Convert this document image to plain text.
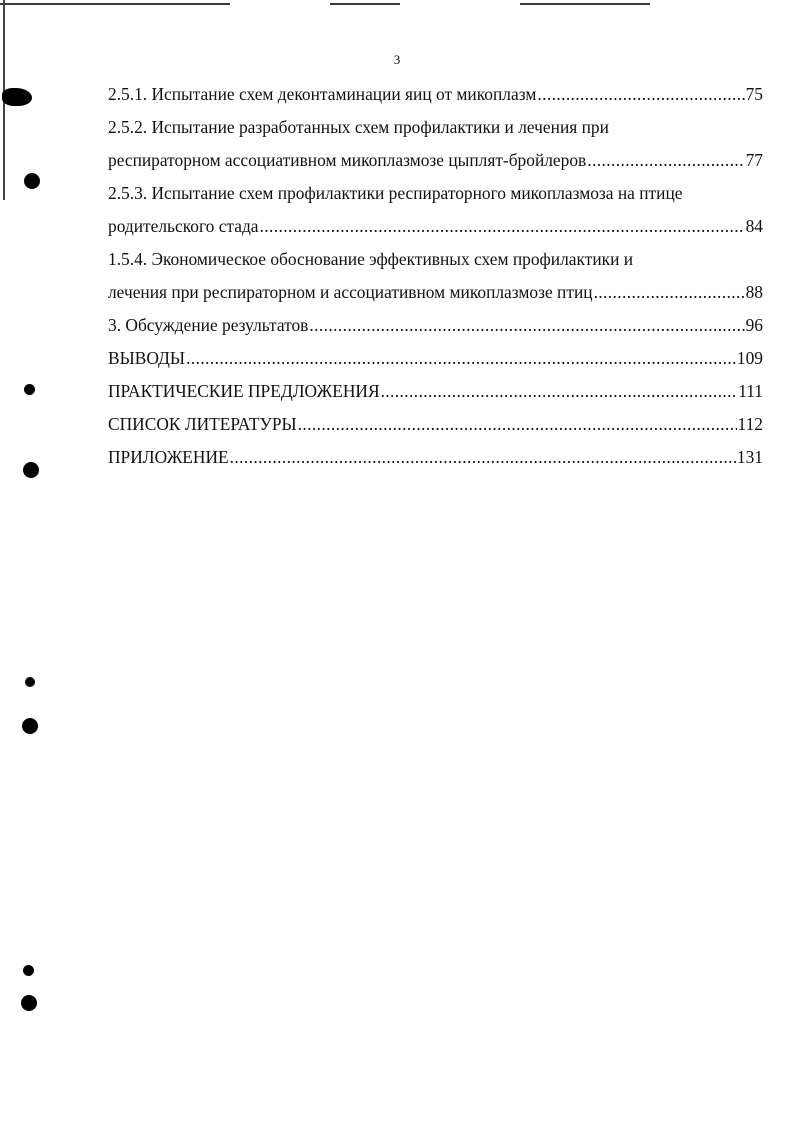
3
2.5.1. Испытание схем деконтаминации яиц от микоплазм .....	75
2.5.2. Испытание разработанных схем профилактики и лечения при
респираторном ассоциативном микоплазмозе цыплят-бройлеров .....	77
2.5.3. Испытание схем профилактики респираторного микоплазмоза на птице
родительского стада .....	84
1.5.4. Экономическое обоснование эффективных схем профилактики и
лечения при респираторном и ассоциативном микоплазмозе птиц .....	88
3. Обсуждение результатов .....	96
ВЫВОДЫ .....	109
ПРАКТИЧЕСКИЕ ПРЕДЛОЖЕНИЯ .....	111
СПИСОК ЛИТЕРАТУРЫ .....	112
ПРИЛОЖЕНИЕ .....	131
